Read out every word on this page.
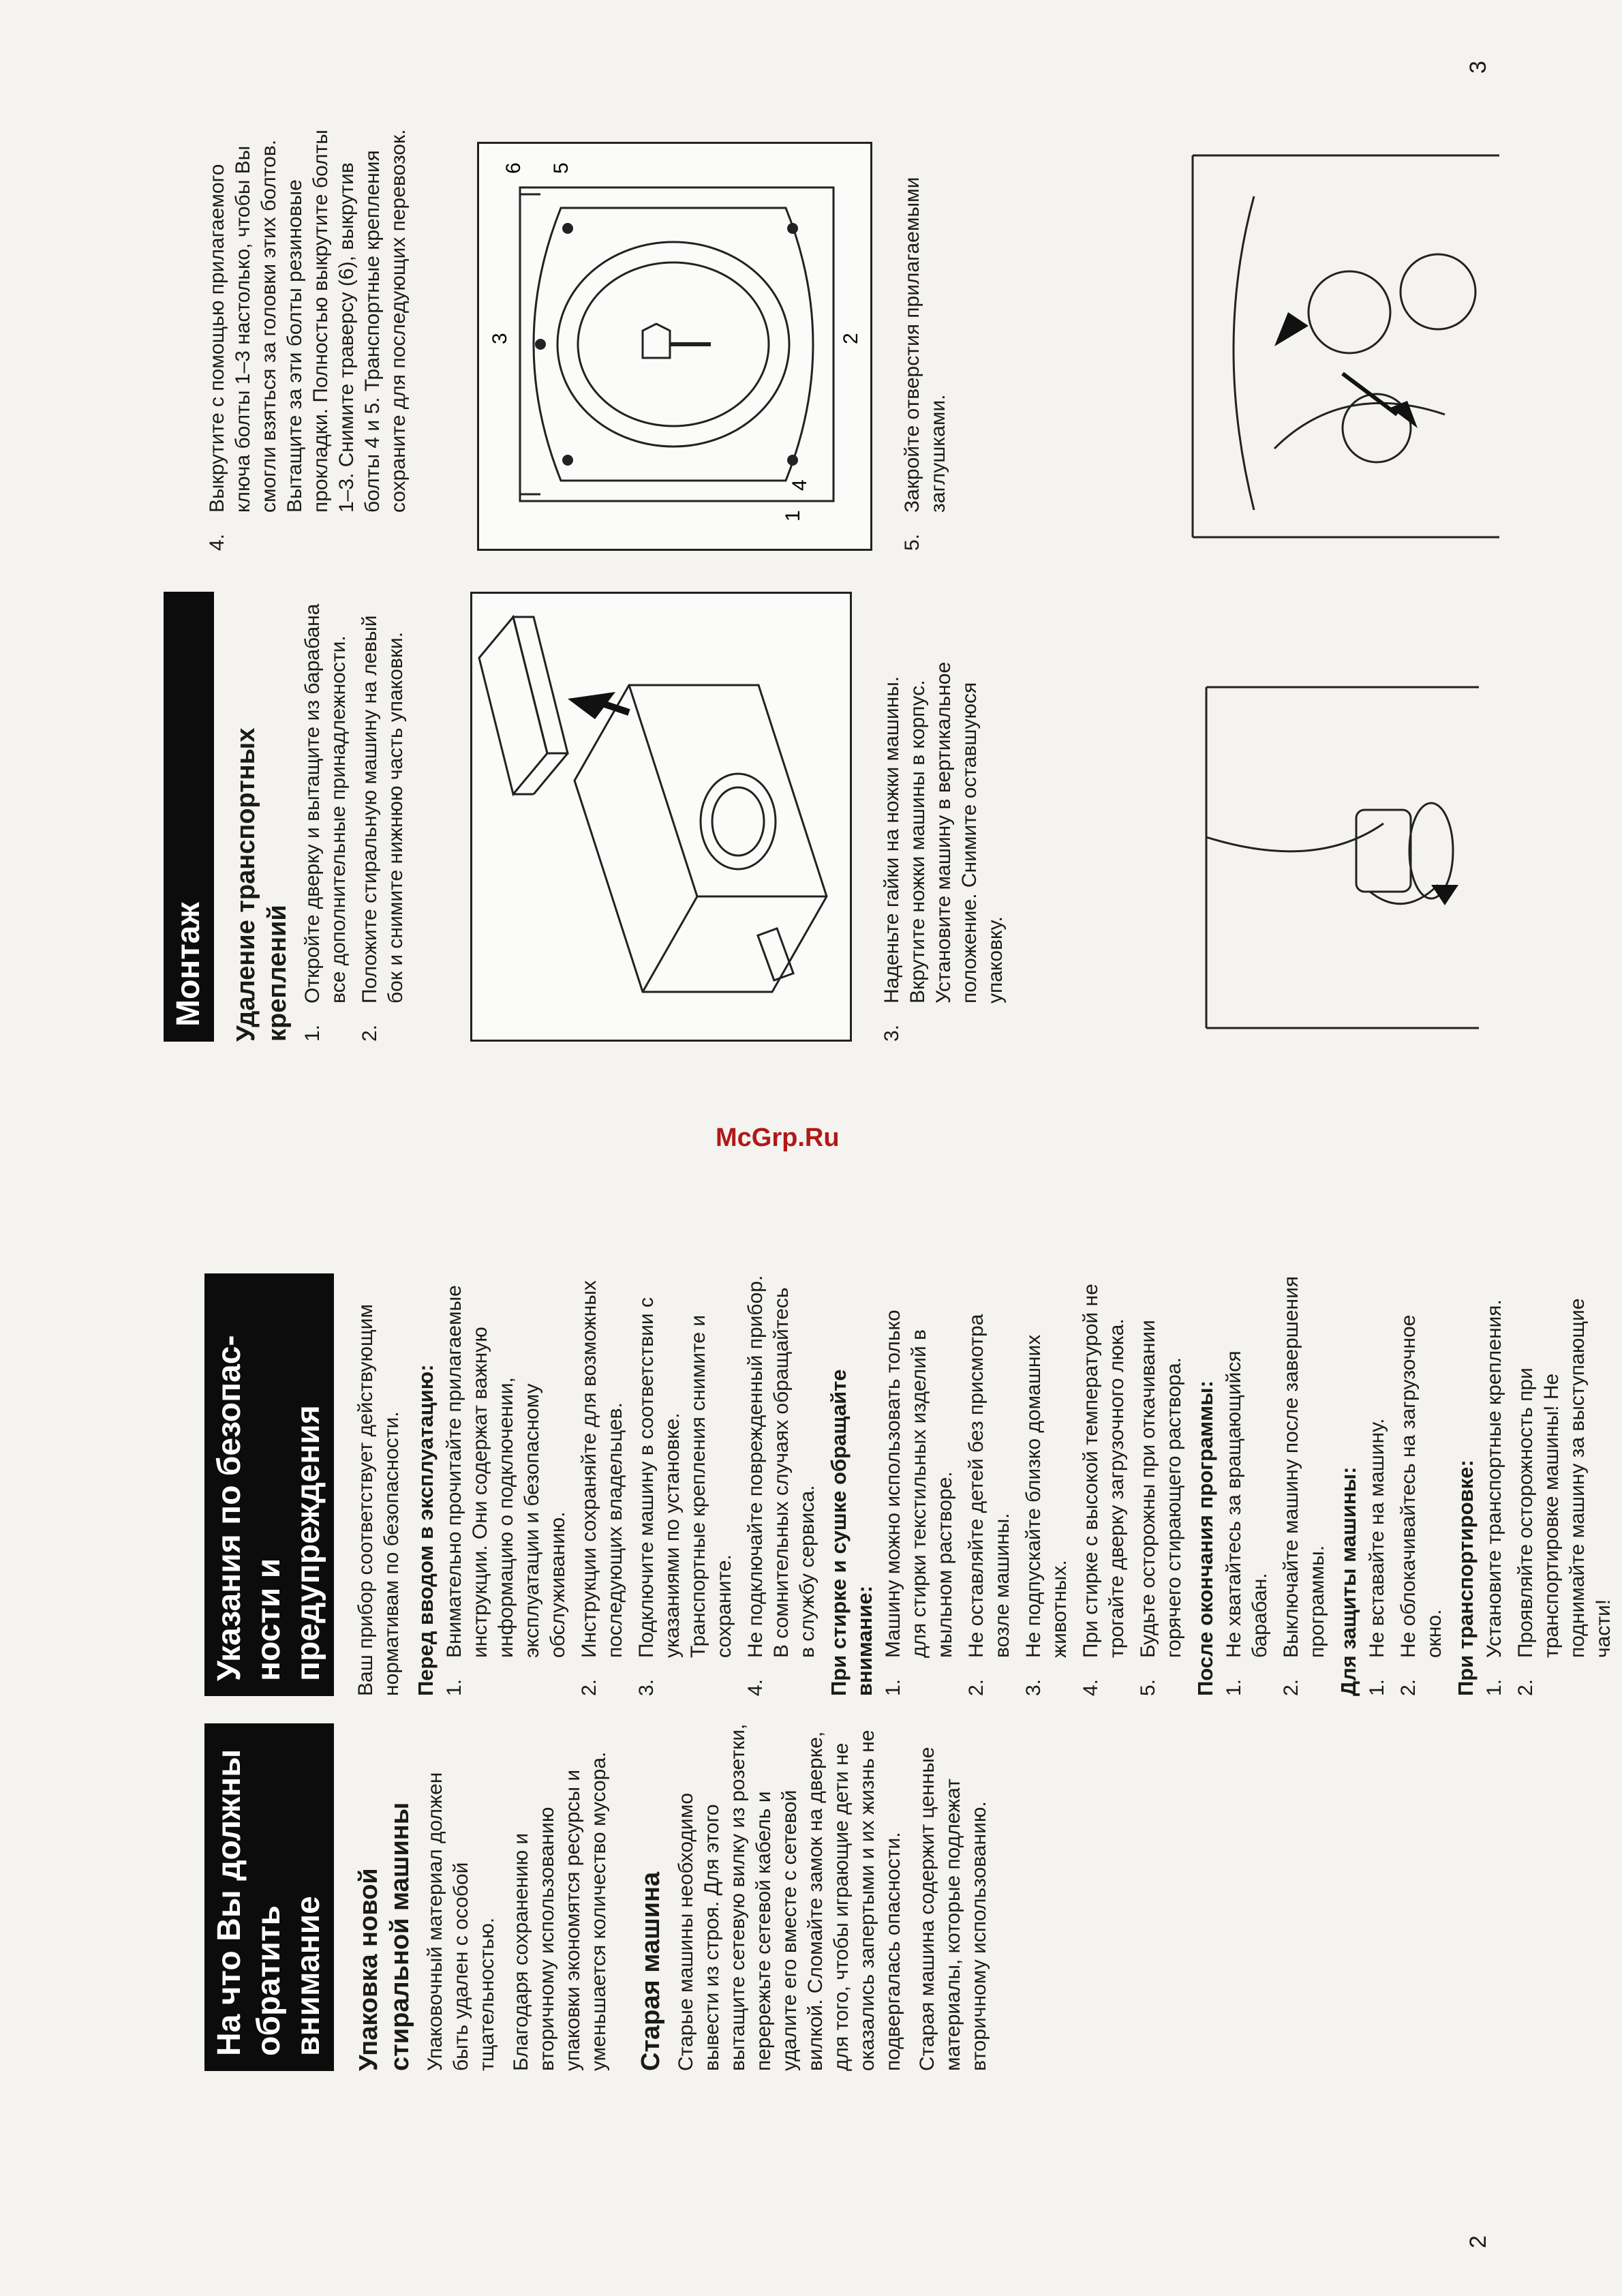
На что Вы должны обратить внимание Упаковка новой стиральной машины Упаковочный материал должен быть удален с особой тщательностью. Благодаря сохранению и вторичному использованию упаковки экономятся ресурсы и уменьшается количество мусора. Старая машина Старые машины необходимо вывести из строя. Для этого вытащите сетевую вилку из розетки, перережьте сетевой кабель и удалите его вместе с сетевой вилкой. Сломайте замок на дверке, для того, чтобы играющие дети не оказались запертыми и их жизнь не подвергалась опасности. Старая машина содержит ценные материалы, которые подлежат вторичному использованию.

Указания по безопас- ности и предупреждения Ваш прибор соответствует действующим нормативам по безопасности. Перед вводом в эксплуатацию: 1.
Внимательно прочитайте прилагаемые инструкции. Они содержат важную информацию о подключении, эксплуатации и безопасному обслуживанию.
2.
Инструкции сохраняйте для возможных последующих владельцев.
3.
Подключите машину в соответствии с указаниями по установке. Транспортные крепления снимите и сохраните.
4.
Не подключайте поврежденный прибор. В сомнительных случаях обращайтесь в службу сервиса. При стирке и сушке обращайте внимание: 1.
Машину можно использовать только для стирки текстильных изделий в мыльном растворе.
2.
Не оставляйте детей без присмотра возле машины.
3.
Не подпускайте близко домашних животных.
4.
При стирке с высокой температурой не трогайте дверку загрузочного люка.
5.
Будьте осторожны при откачивании горячего стирающего раствора. После окончания программы: 1.
Не хватайтесь за вращающийся барабан.
2.
Выключайте машину после завершения программы. Для защиты машины: 1.
Не вставайте на машину.
2.
Не облокачивайтесь на загрузочное окно. При транспортировке: 1.
Установите транспортные крепления.
2.
Проявляйте осторожность при транспортировке машины! Не поднимайте машину за выступающие части!
McGrp.Ru
Монтаж Удаление транспортных креплений 1.
Откройте дверку и вытащите из барабана все дополнительные принадлежности.
2.
Положите стиральную машину на левый бок и снимите нижнюю часть упаковки.
3.
Наденьте гайки на ножки машины. Вкрутите ножки машины в корпус. Установите машину в вертикальное положение. Снимите оставшуюся упаковку.
4.
Выкрутите с помощью прилагаемого ключа болты 1–3 настолько, чтобы Вы смогли взяться за головки этих болтов. Вытащите за эти болты резиновые прокладки. Полностью выкрутите болты 1–3. Снимите траверсу (6), выкрутив болты 4 и 5. Транспортные крепления сохраните для последующих перевозок.
1
2
3
4
5
6
5.
Закройте отверстия прилагаемыми заглушками.
2
3
